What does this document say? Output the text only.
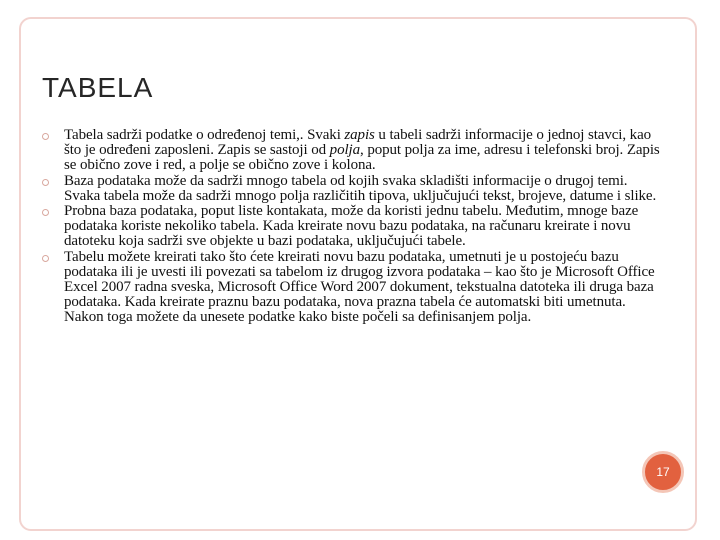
TABELA
Tabela sadrži podatke o određenoj temi,. Svaki zapis u tabeli sadrži informacije o jednoj stavci, kao što je određeni zaposleni. Zapis se sastoji od polja, poput polja za ime, adresu i telefonski broj. Zapis se obično zove i red, a polje se obično zove i kolona.
Baza podataka može da sadrži mnogo tabela od kojih svaka skladišti informacije o drugoj temi. Svaka tabela može da sadrži mnogo polja različitih tipova, uključujući tekst, brojeve, datume i slike.
Probna baza podataka, poput liste kontakata, može da koristi jednu tabelu. Međutim, mnoge baze podataka koriste nekoliko tabela. Kada kreirate novu bazu podataka, na računaru kreirate i novu datoteku koja sadrži sve objekte u bazi podataka, uključujući tabele.
Tabelu možete kreirati tako što ćete kreirati novu bazu podataka, umetnuti je u postojeću bazu podataka ili je uvesti ili povezati sa tabelom iz drugog izvora podataka – kao što je Microsoft Office Excel 2007 radna sveska, Microsoft Office Word 2007 dokument, tekstualna datoteka ili druga baza podataka. Kada kreirate praznu bazu podataka, nova prazna tabela će automatski biti umetnuta. Nakon toga možete da unesete podatke kako biste počeli sa definisanjem polja.
17
